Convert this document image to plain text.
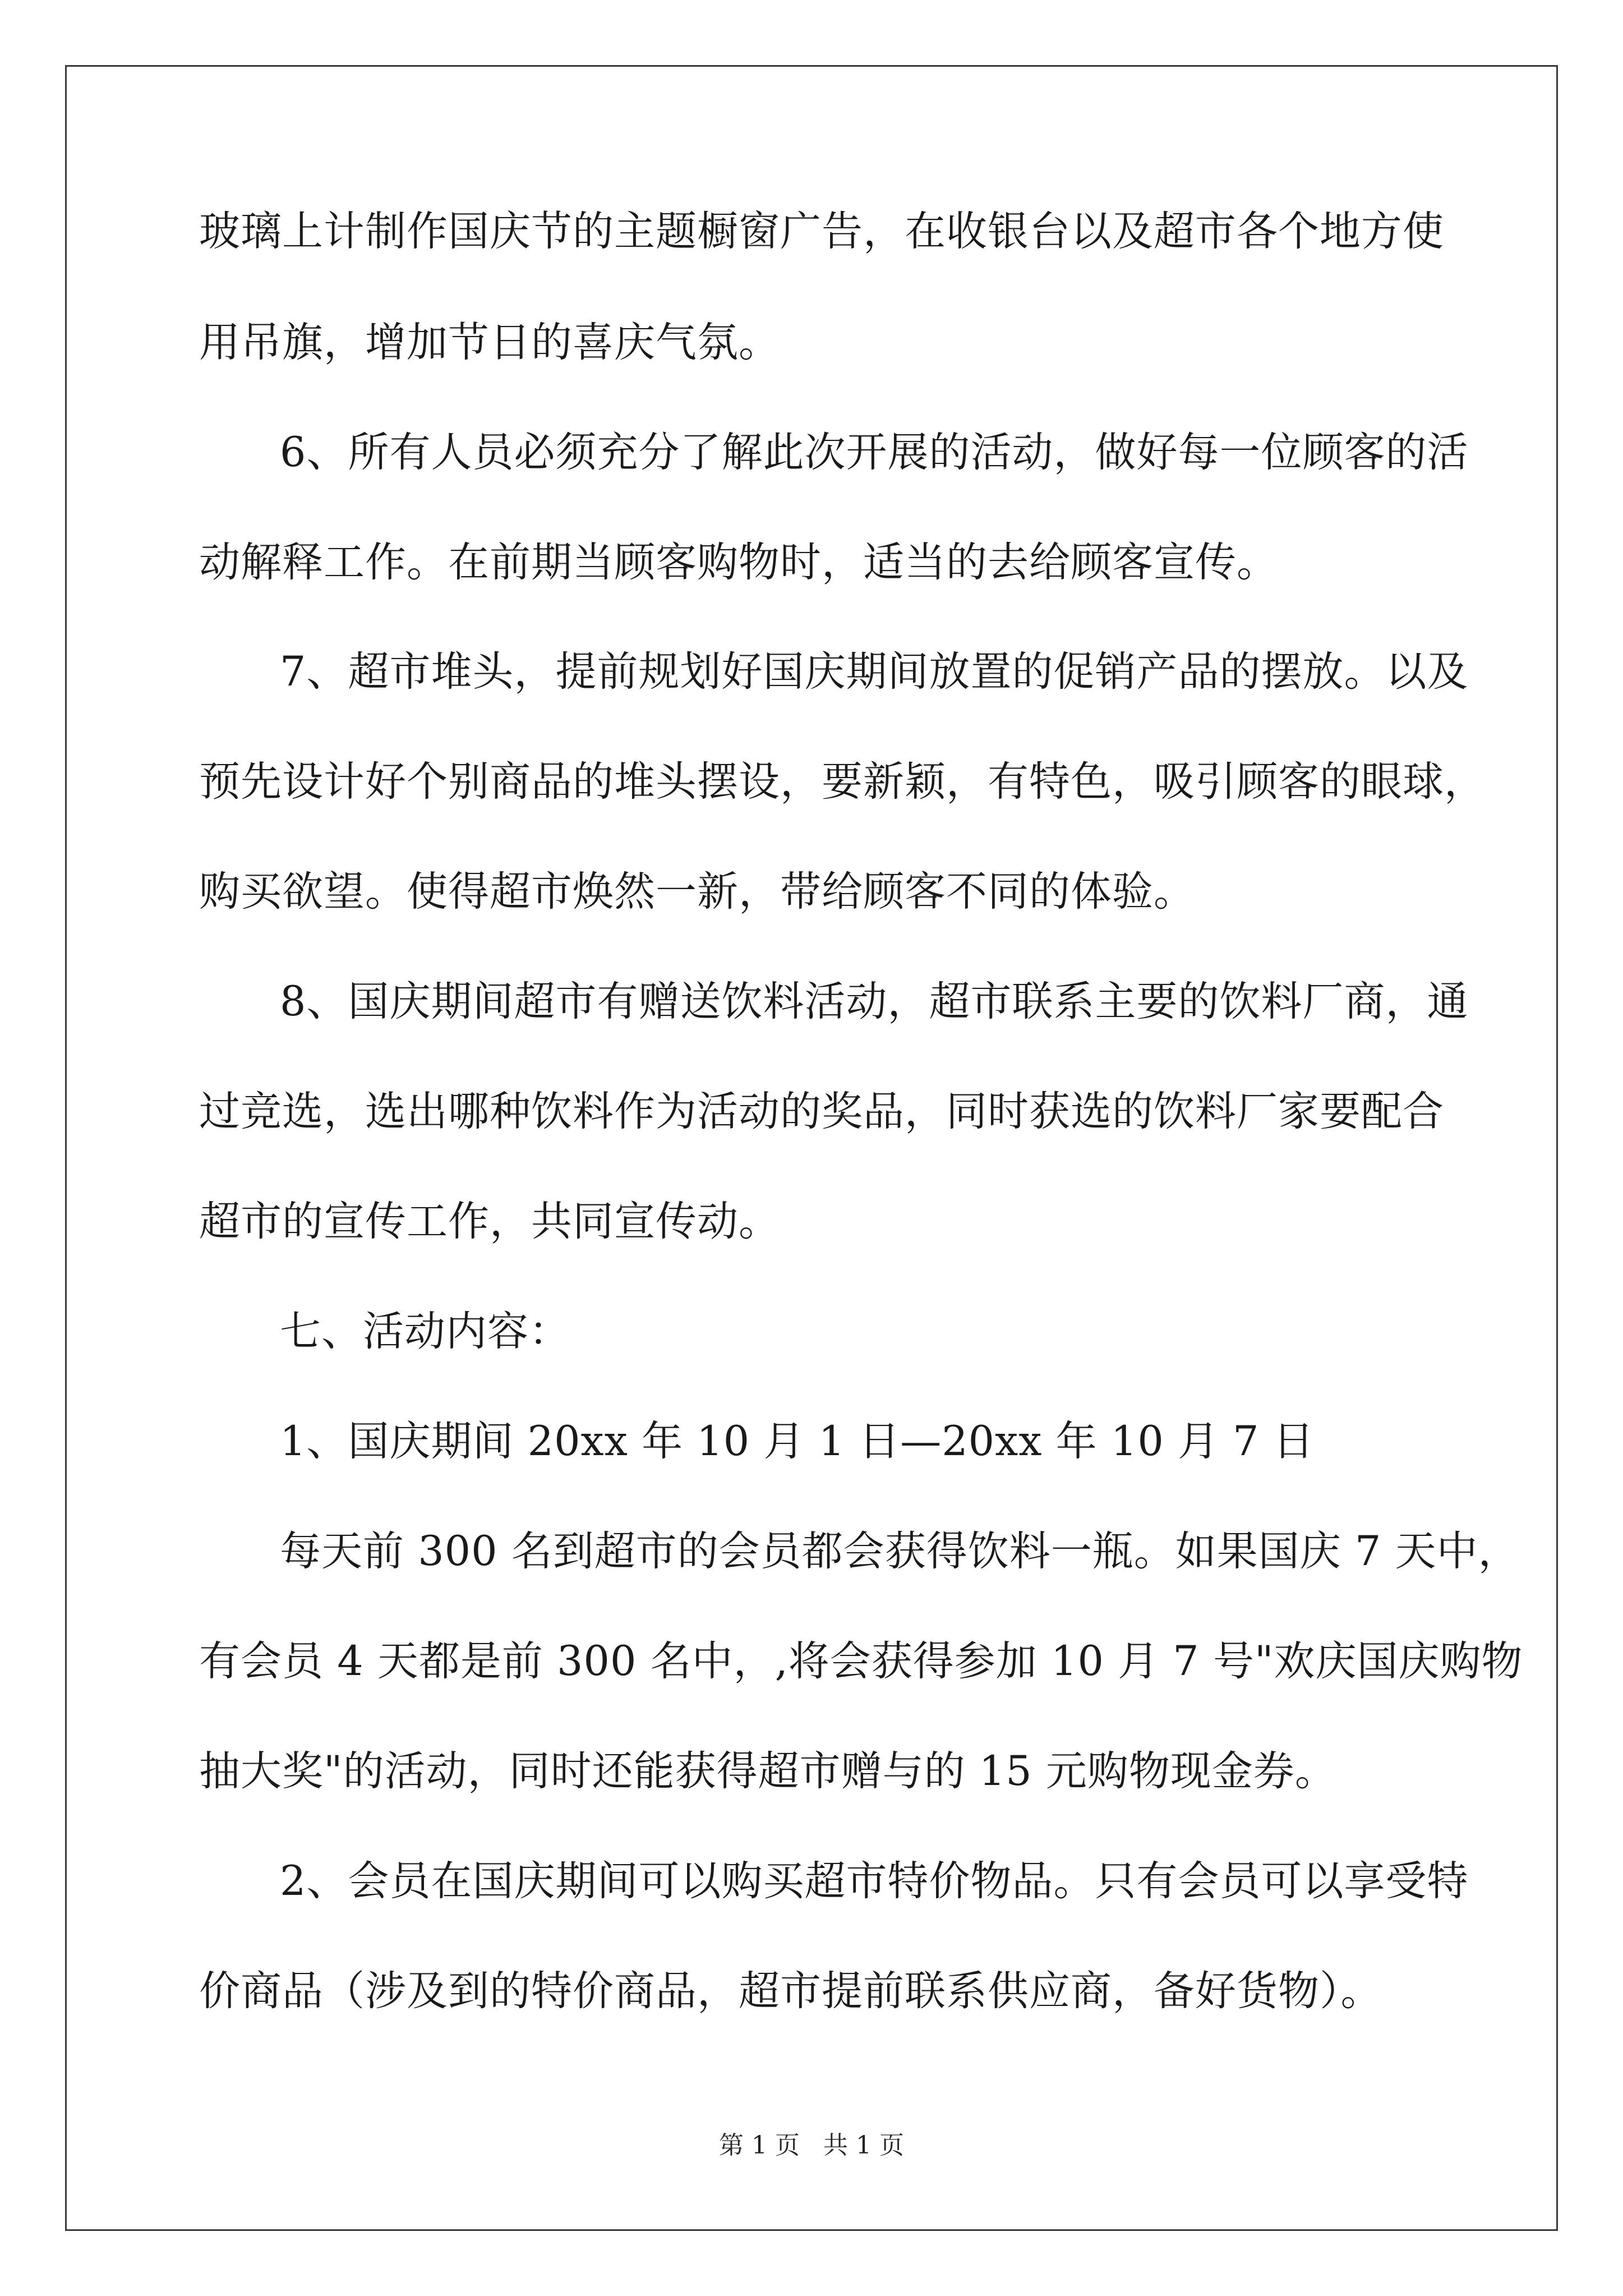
玻璃上计制作国庆节的主题橱窗广告，在收银台以及超市各个地方使

用吊旗，增加节日的喜庆气氛。

6、所有人员必须充分了解此次开展的活动，做好每一位顾客的活

动解释工作。在前期当顾客购物时，适当的去给顾客宣传。

7、超市堆头，提前规划好国庆期间放置的促销产品的摆放。以及

预先设计好个别商品的堆头摆设，要新颖，有特色，吸引顾客的眼球，

购买欲望。使得超市焕然一新，带给顾客不同的体验。

8、国庆期间超市有赠送饮料活动，超市联系主要的饮料厂商，通

过竞选，选出哪种饮料作为活动的奖品，同时获选的饮料厂家要配合

超市的宣传工作，共同宣传动。

七、活动内容：

1、国庆期间 20xx 年 10 月 1 日—20xx 年 10 月 7 日

每天前 300 名到超市的会员都会获得饮料一瓶。如果国庆 7 天中，

有会员 4 天都是前 300 名中，,将会获得参加 10 月 7 号"欢庆国庆购物

抽大奖"的活动，同时还能获得超市赠与的 15 元购物现金券。

2、会员在国庆期间可以购买超市特价物品。只有会员可以享受特

价商品（涉及到的特价商品，超市提前联系供应商，备好货物）。

第 1 页   共 1 页
